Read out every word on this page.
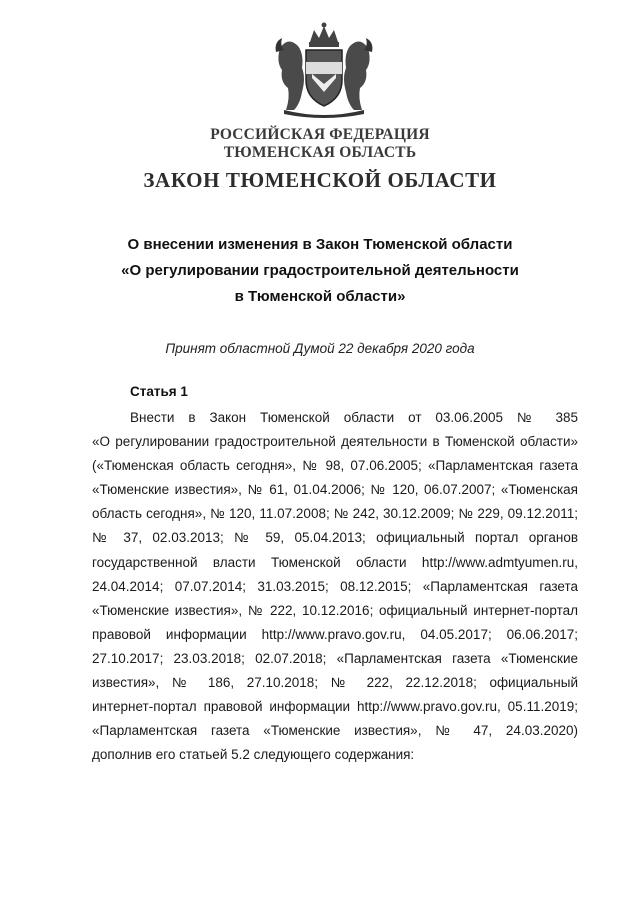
РОССИЙСКАЯ ФЕДЕРАЦИЯ
ТЮМЕНСКАЯ ОБЛАСТЬ
ЗАКОН ТЮМЕНСКОЙ ОБЛАСТИ
О внесении изменения в Закон Тюменской области
«О регулировании градостроительной деятельности
в Тюменской области»
Принят областной Думой 22 декабря 2020 года
Статья 1
Внести в Закон Тюменской области от 03.06.2005 № 385
«О регулировании градостроительной деятельности в Тюменской области»
(«Тюменская область сегодня», № 98, 07.06.2005; «Парламентская газета
«Тюменские известия», № 61, 01.04.2006; № 120, 06.07.2007; «Тюменская
область сегодня», № 120, 11.07.2008; № 242, 30.12.2009; № 229, 09.12.2011;
№ 37, 02.03.2013; № 59, 05.04.2013; официальный портал органов
государственной власти Тюменской области http://www.admtyumen.ru,
24.04.2014; 07.07.2014; 31.03.2015; 08.12.2015; «Парламентская газета
«Тюменские известия», № 222, 10.12.2016; официальный интернет-портал
правовой информации http://www.pravo.gov.ru, 04.05.2017; 06.06.2017;
27.10.2017; 23.03.2018; 02.07.2018; «Парламентская газета «Тюменские
известия», № 186, 27.10.2018; № 222, 22.12.2018; официальный
интернет-портал правовой информации http://www.pravo.gov.ru, 05.11.2019;
«Парламентская газета «Тюменские известия», № 47, 24.03.2020)
дополнив его статьей 5.2 следующего содержания:
